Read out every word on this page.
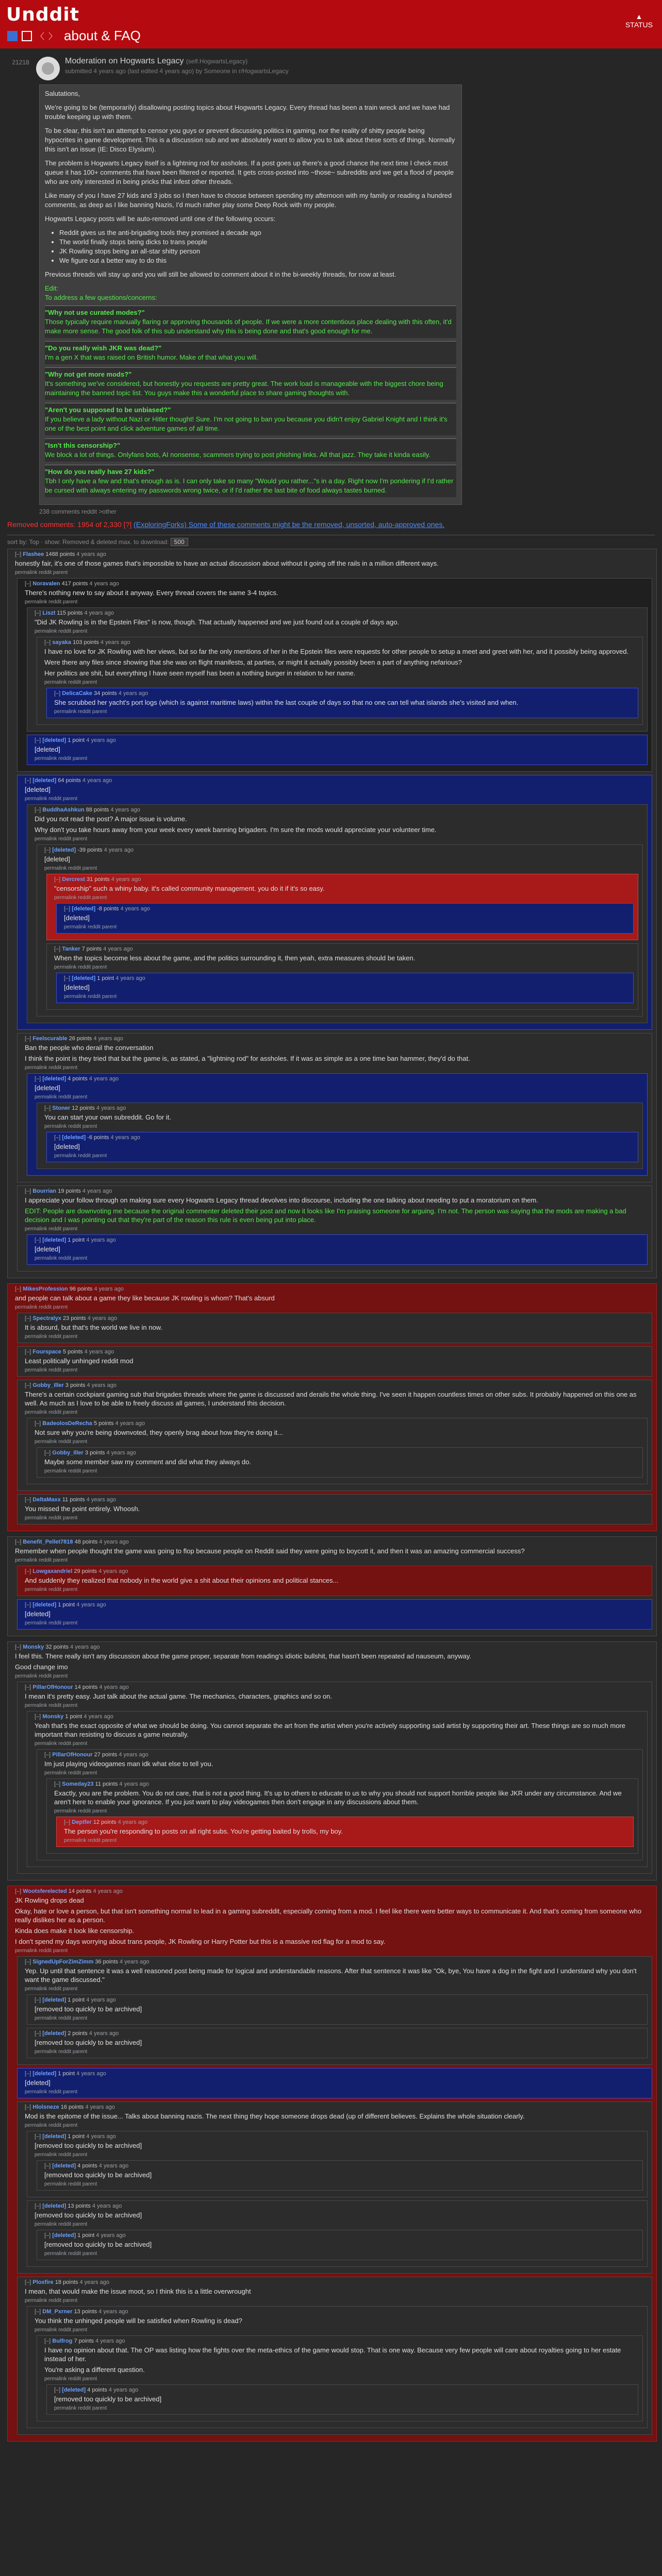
Unddit	▲
STATUS
〈 〉 about & FAQ
21218	Moderation on Hogwarts Legacy (self.HogwartsLegacy)
submitted 4 years ago (last edited 4 years ago) by Someone in r/HogwartsLegacy

Salutations,

We're going to be (temporarily) disallowing posting topics about Hogwarts Legacy. Every thread has been a train wreck and we have had trouble keeping up with them.

To be clear, this isn't an attempt to censor you guys or prevent discussing politics in gaming, nor the reality of shitty people being hypocrites in game development. This is a discussion sub and we absolutely want to allow you to talk about these sorts of things. Normally this isn't an issue (IE: Disco Elysium).

The problem is Hogwarts Legacy itself is a lightning rod for assholes. If a post goes up there's a good chance the next time I check most queue it has 100+ comments that have been filtered or reported. It gets cross-posted into ~those~ subreddits and we get a flood of people who are only interested in being pricks that infest other threads.

Like many of you I have 27 kids and 3 jobs so I then have to choose between spending my afternoon with my family or reading a hundred comments, as deep as I like banning Nazis, I'd much rather play some Deep Rock with my people.

Hogwarts Legacy posts will be auto-removed until one of the following occurs:

• Reddit gives us the anti-brigading tools they promised a decade ago
• The world finally stops being dicks to trans people
• JK Rowling stops being an all-star shitty person
• We figure out a better way to do this

Previous threads will stay up and you will still be allowed to comment about it in the bi-weekly threads, for now at least.

Edit:
To address a few questions/concerns:
"Why not use curated modes?"
Those typically require manually flaring or approving thousands of people. If we were a more contentious place dealing with this often, it'd make more sense. The good folk of this sub understand why this is being done and that's good enough for me.
"Do you really wish JKR was dead?"
I'm a gen X that was raised on British humor. Make of that what you will.
"Why not get more mods?"
It's something we've considered, but honestly you requests are pretty great. The work load is manageable with the biggest chore being maintaining the banned topic list. You guys make this a wonderful place to share gaming thoughts with.
"Aren't you supposed to be unbiased?"
If you believe a lady without Nazi or Hitler thought! Sure. I'm not going to ban you because you didn't enjoy Gabriel Knight and I think it's one of the best point and click adventure games of all time.
"Isn't this censorship?"
We block a lot of things. Onlyfans bots, AI nonsense, scammers trying to post phishing links. All that jazz. They take it kinda easily.
"How do you really have 27 kids?"
Tbh I only have a few and that's enough as is. I can only take so many "Would you rather..."s in a day. Right now I'm pondering if I'd rather be cursed with always entering my passwords wrong twice, or if I'd rather the last bite of food always tastes burned.
238 comments reddit >other
Removed comments: 1954 of 2,330 [?] (ExploringForks) Some of these comments might be the removed, unsorted, auto-approved ones.
sort by: Top · show: Removed & deleted max. to download: 500
[–] Flashee 1488 points 4 years ago

honestly fair, it's one of those games that's impossible to have an actual discussion about without it going off the rails in a million different ways.

permalink reddit parent
[–] Noravalen 417 points 4 years ago

There's nothing new to say about it anyway. Every thread covers the same 3-4 topics.

permalink reddit parent
[–] Liszt 115 points 4 years ago

"Did JK Rowling is in the Epstein Files" is now, though. That actually happened and we just found out a couple of days ago.

permalink reddit parent
[–] sayaka 103 points 4 years ago

I have no love for JK Rowling with her views, but so far the only mentions of her in the Epstein files were requests for other people to setup a meet and greet with her, and it possibly being approved.

Were there any files since showing that she was on flight manifests, at parties, or might it actually possibly been a part of anything nefarious?

Her politics are shit, but everything I have seen myself has been a nothing burger in relation to her name.

permalink reddit parent
[–] DelicaCake 34 points 4 years ago

She scrubbed her yacht's port logs (which is against maritime laws) within the last couple of days so that no one can tell what islands she's visited and when.

permalink reddit parent
[–] [deleted] 1 point 4 years ago

[deleted]

permalink reddit parent
[–] [deleted] 64 points 4 years ago

[deleted]

permalink reddit parent
[–] BuddhaAshkun 88 points 4 years ago

Did you not read the post? A major issue is volume.

Why don't you take hours away from your week every week banning brigaders. I'm sure the mods would appreciate your volunteer time.

permalink reddit parent
[–] [deleted] -39 points 4 years ago

[deleted]

permalink reddit parent
[–] Dercrest 31 points 4 years ago

"censorship" such a whiny baby. it's called community management. you do it if it's so easy.

permalink reddit parent
[–] [deleted] -8 points 4 years ago

[deleted]

permalink reddit parent
[–] Tanker 7 points 4 years ago

When the topics become less about the game, and the politics surrounding it, then yeah, extra measures should be taken.

permalink reddit parent
[–] [deleted] 1 point 4 years ago

[deleted]

permalink reddit parent
[–] Feelscurable 26 points 4 years ago

Ban the people who derail the conversation

I think the point is they tried that but the game is, as stated, a "lightning rod" for assholes. If it was as simple as a one time ban hammer, they'd do that.

permalink reddit parent
[–] [deleted] 4 points 4 years ago

[deleted]

permalink reddit parent
[–] Stoner 12 points 4 years ago

You can start your own subreddit. Go for it.

permalink reddit parent
[–] [deleted] -6 points 4 years ago

[deleted]

permalink reddit parent
[–] Bourrian 19 points 4 years ago

I appreciate your follow through on making sure every Hogwarts Legacy thread devolves into discourse, including the one talking about needing to put a moratorium on them.

EDIT: People are downvoting me because the original commenter deleted their post and now it looks like I'm praising someone for arguing. I'm not. The person was saying that the mods are making a bad decision and I was pointing out that they're part of the reason this rule is even being put into place.

permalink reddit parent
[–] [deleted] 1 point 4 years ago

[deleted]

permalink reddit parent
[–] MikesProfession 96 points 4 years ago

and people can talk about a game they like because JK rowling is whom? That's absurd

permalink reddit parent
[–] Spectralyx 23 points 4 years ago

It is absurd, but that's the world we live in now.

permalink reddit parent
[–] Fourspace 5 points 4 years ago

Least politically unhinged reddit mod

permalink reddit parent
[–] Gobby_Iller 3 points 4 years ago

There's a certain cockpiant gaming sub that brigades threads where the game is discussed and derails the whole thing. I've seen it happen countless times on other subs. It probably happened on this one as well. As much as I love to be able to freely discuss all games, I understand this decision.

permalink reddit parent
[–] BadeolosDeRecha 5 points 4 years ago

Not sure why you're being downvoted, they openly brag about how they're doing it...

permalink reddit parent
[–] Gobby_Iller 3 points 4 years ago

Maybe some member saw my comment and did what they always do.

permalink reddit parent
[–] DeltaMaxx 11 points 4 years ago

You missed the point entirely. Whoosh.

permalink reddit parent
[–] Benefit_Pellet7818 48 points 4 years ago

Remember when people thought the game was going to flop because people on Reddit said they were going to boycott it, and then it was an amazing commercial success?

permalink reddit parent
[–] Lowgaxandriel 29 points 4 years ago

And suddenly they realized that nobody in the world give a shit about their opinions and political stances...

permalink reddit parent
[–] [deleted] 1 point 4 years ago

[deleted]

permalink reddit parent
[–] Monsky 32 points 4 years ago

I feel this. There really isn't any discussion about the game proper, separate from reading's idiotic bullshit, that hasn't been repeated ad nauseum, anyway.

Good change imo

permalink reddit parent
[–] PillarOfHonour 14 points 4 years ago

I mean it's pretty easy. Just talk about the actual game. The mechanics, characters, graphics and so on.

permalink reddit parent
[–] Monsky 1 point 4 years ago

Yeah that's the exact opposite of what we should be doing. You cannot separate the art from the artist when you're actively supporting said artist by supporting their art. These things are so much more important than resisting to discuss a game neutrally.

permalink reddit parent
[–] PillarOfHonour 27 points 4 years ago

Im just playing videogames man idk what else to tell you.

permalink reddit parent
[–] Someday23 11 points 4 years ago

Exactly, you are the problem. You do not care, that is not a good thing. It's up to others to educate to us to why you should not support horrible people like JKR under any circumstance. And we aren't here to enable your ignorance. If you just want to play videogames then don't engage in any discussions about them.

permalink reddit parent
[–] Deptfer 12 points 4 years ago

The person you're responding to posts on all right subs. You're getting baited by trolls, my boy.

permalink reddit parent
[–] Wootsferelected 14 points 4 years ago

JK Rowling drops dead

Okay, hate or love a person, but that isn't something normal to lead in a gaming subreddit, especially coming from a mod. I feel like there were better ways to communicate it. And that's coming from someone who really dislikes her as a person.

Kinda does make it look like censorship.

I don't spend my days worrying about trans people, JK Rowling or Harry Potter but this is a massive red flag for a mod to say.

permalink reddit parent
[–] SignedUpForZimZimm 36 points 4 years ago

Yep. Up until that sentence it was a well reasoned post being made for logical and understandable reasons. After that sentence it was like "Ok, bye, You have a dog in the fight and I understand why you don't want the game discussed."

permalink reddit parent
[–] [deleted] 1 point 4 years ago

[removed too quickly to be archived]

permalink reddit parent
[–] [deleted] 2 points 4 years ago

[removed too quickly to be archived]

permalink reddit parent
[–] [deleted] 1 point 4 years ago

[deleted]

permalink reddit parent
[–] Hlolsneze 16 points 4 years ago

Mod is the epitome of the issue... Talks about banning nazis. The next thing they hope someone drops dead (up of different believes. Explains the whole situation clearly.

permalink reddit parent
[–] [deleted] 1 point 4 years ago

[removed too quickly to be archived]

permalink reddit parent
[–] [deleted] 4 points 4 years ago

[removed too quickly to be archived]

permalink reddit parent
[–] [deleted] 13 points 4 years ago

[removed too quickly to be archived]

permalink reddit parent
[–] [deleted] 1 point 4 years ago

[removed too quickly to be archived]

permalink reddit parent
[–] Ploxfire 18 points 4 years ago

I mean, that would make the issue moot, so I think this is a little overwrought

permalink reddit parent
[–] DM_Pxrner 13 points 4 years ago

You think the unhinged people will be satisfied when Rowling is dead?

permalink reddit parent
[–] Bulfrog 7 points 4 years ago

I have no opinion about that. The OP was listing how the fights over the meta-ethics of the game would stop. That is one way. Because very few people will care about royalties going to her estate instead of her.

You're asking a different question.

permalink reddit parent
[–] [deleted] 4 points 4 years ago

[removed too quickly to be archived]

permalink reddit parent
